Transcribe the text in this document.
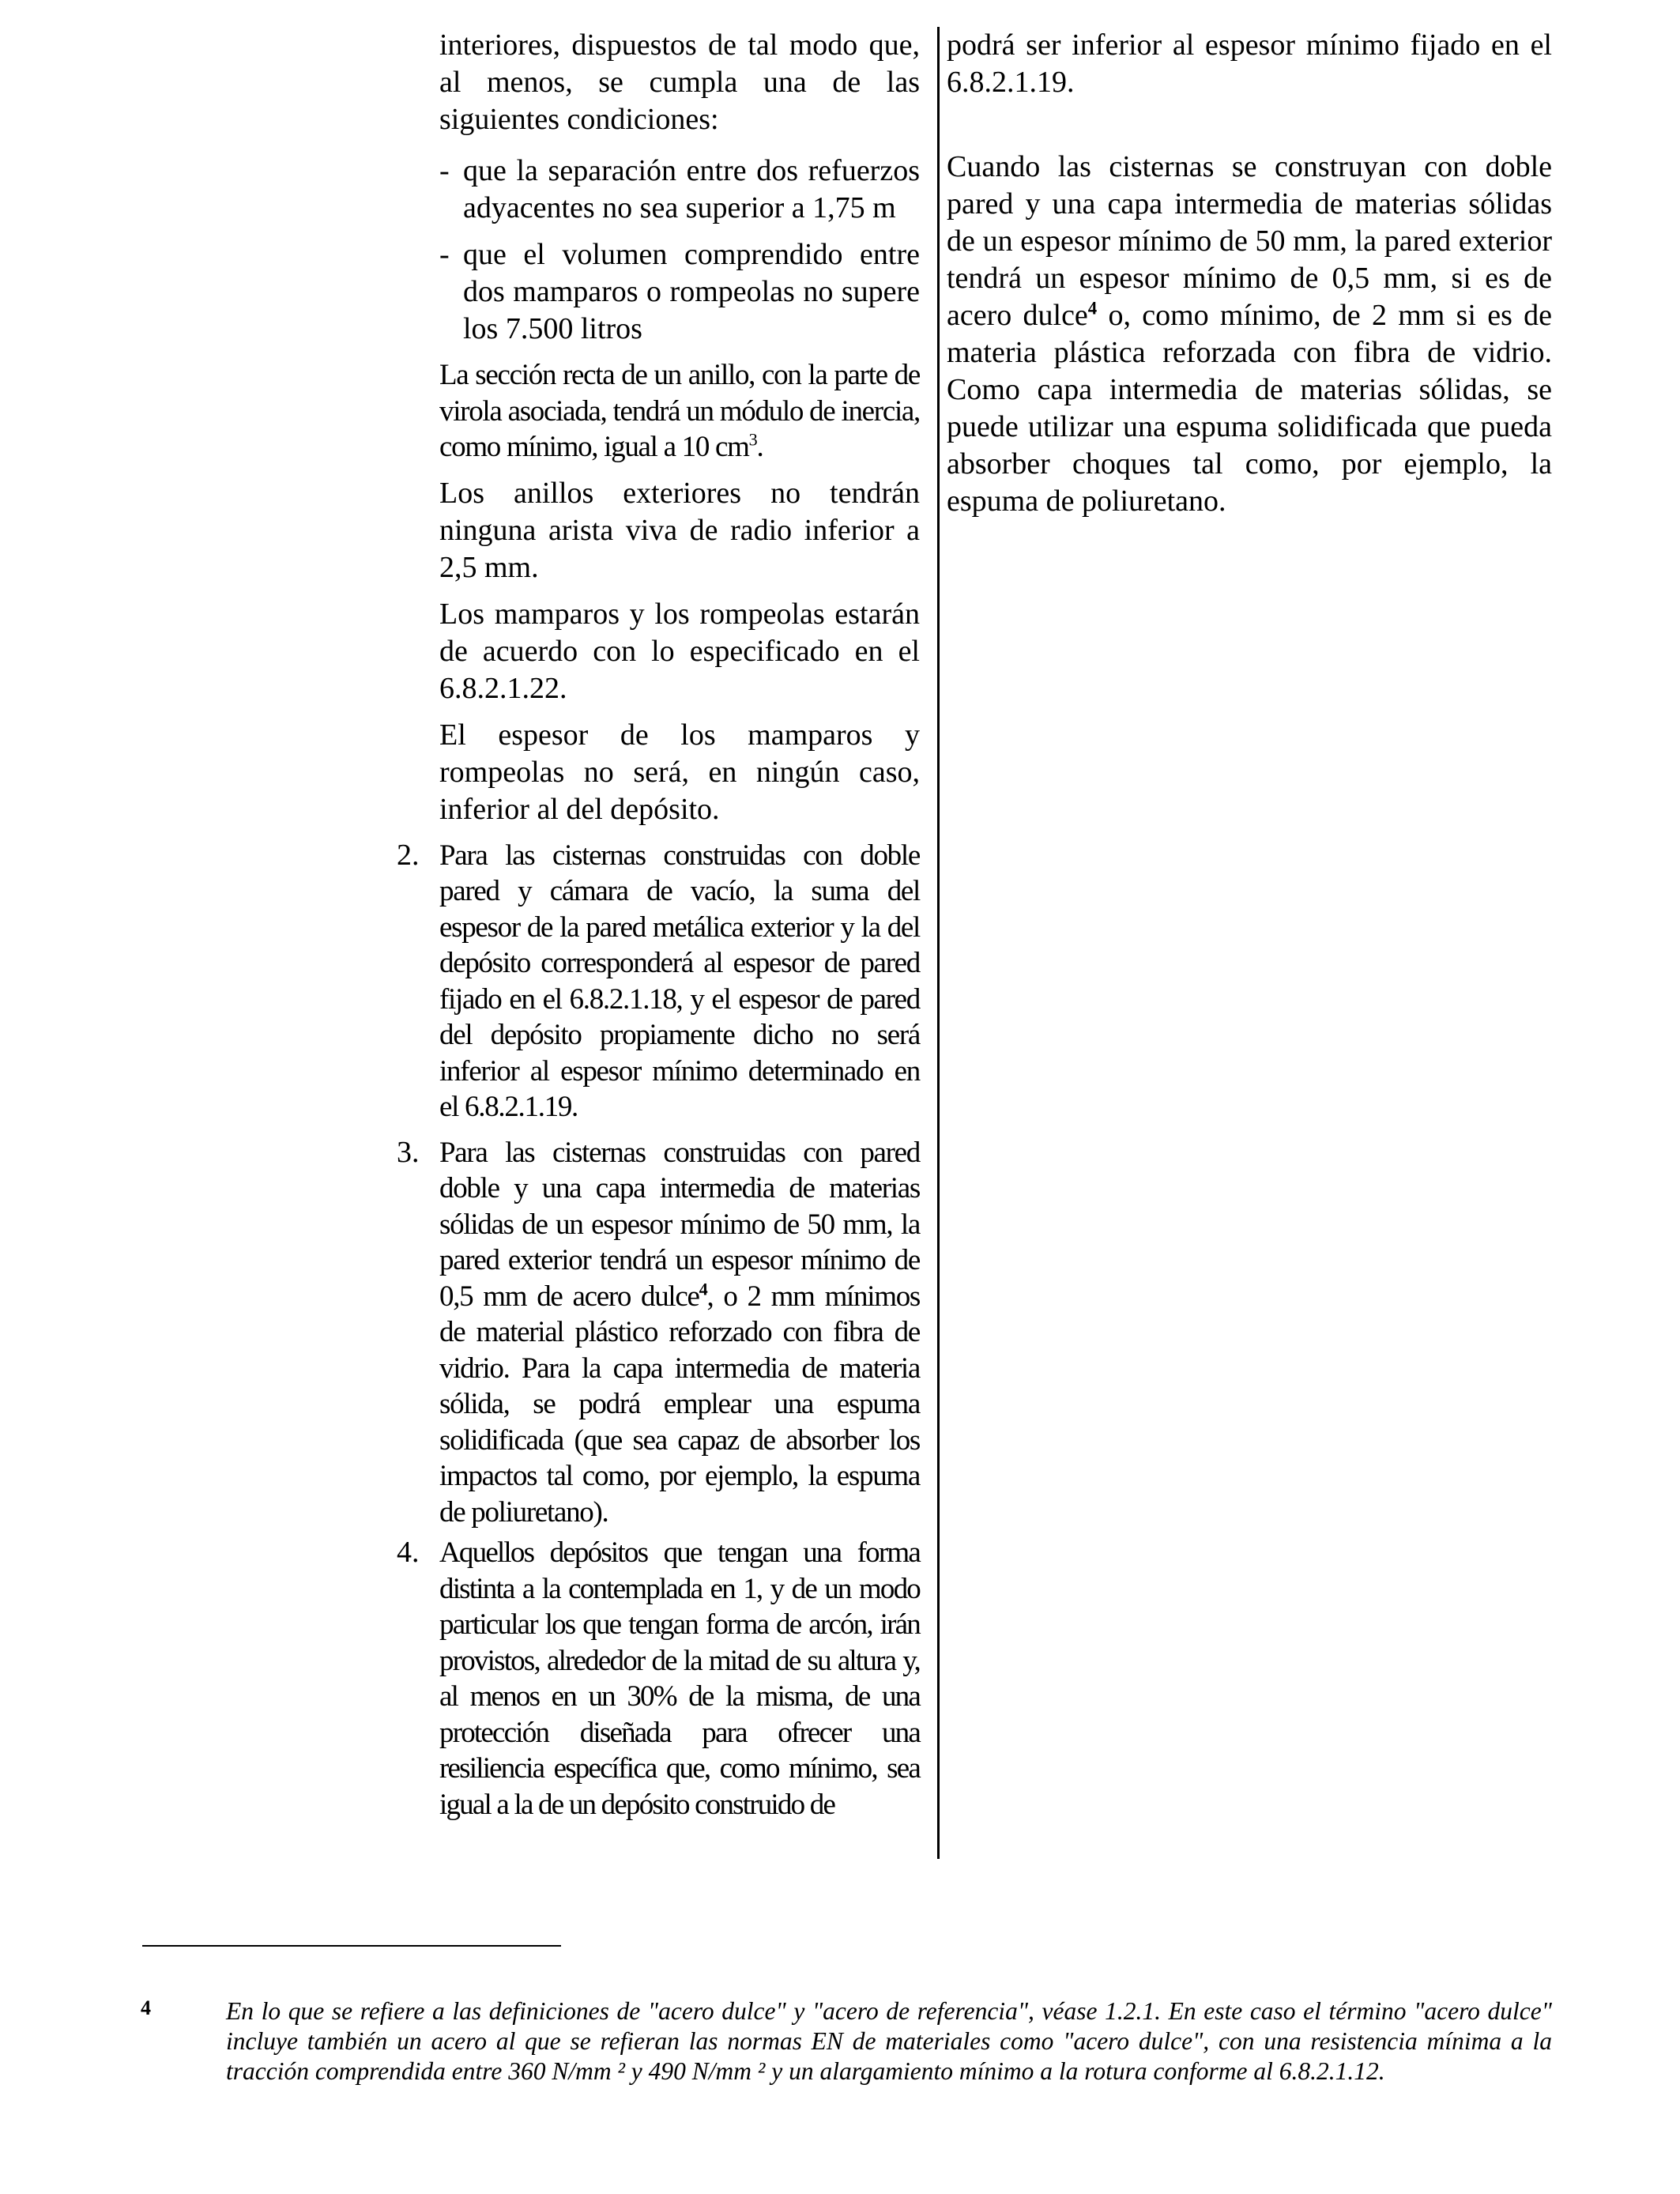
interiores, dispuestos de tal modo que, al menos, se cumpla una de las siguientes condiciones:

- que la separación entre dos refuerzos adyacentes no sea superior a 1,75 m

- que el volumen comprendido entre dos mamparos o rompeolas no supere los 7.500 litros

La sección recta de un anillo, con la parte de virola asociada, tendrá un módulo de inercia, como mínimo, igual a 10 $cm^3$.

Los anillos exteriores no tendrán ninguna arista viva de radio inferior a 2,5 mm.

Los mamparos y los rompeolas estarán de acuerdo con lo especificado en el 6.8.2.1.22.

El espesor de los mamparos y rompeolas no será, en ningún caso, inferior al del depósito.

2. Para las cisternas construidas con doble pared y cámara de vacío, la suma del espesor de la pared metálica exterior y la del depósito corresponderá al espesor de pared fijado en el 6.8.2.1.18, y el espesor de pared del depósito propiamente dicho no será inferior al espesor mínimo determinado en el 6.8.2.1.19.

3. Para las cisternas construidas con pared doble y una capa intermedia de materias sólidas de un espesor mínimo de 50 mm, la pared exterior tendrá un espesor mínimo de 0,5 mm de acero dulce$^4$, o 2 mm mínimos de material plástico reforzado con fibra de vidrio. Para la capa intermedia de materia sólida, se podrá emplear una espuma solidificada (que sea capaz de absorber los impactos tal como, por ejemplo, la espuma de poliuretano).

4. Aquellos depósitos que tengan una forma distinta a la contemplada en 1, y de un modo particular los que tengan forma de arcón, irán provistos, alrededor de la mitad de su altura y, al menos en un 30% de la misma, de una protección diseñada para ofrecer una resiliencia específica que, como mínimo, sea igual a la de un depósito construido de

podrá ser inferior al espesor mínimo fijado en el 6.8.2.1.19.

Cuando las cisternas se construyan con doble pared y una capa intermedia de materias sólidas de un espesor mínimo de 50 mm, la pared exterior tendrá un espesor mínimo de 0,5 mm, si es de acero dulce$^4$ o, como mínimo, de 2 mm si es de materia plástica reforzada con fibra de vidrio. Como capa intermedia de materias sólidas, se puede utilizar una espuma solidificada que pueda absorber choques tal como, por ejemplo, la espuma de poliuretano.

4	En lo que se refiere a las definiciones de "acero dulce" y "acero de referencia", véase 1.2.1. En este caso el término "acero dulce" incluye también un acero al que se refieran las normas EN de materiales como "acero dulce", con una resistencia mínima a la tracción comprendida entre 360 N/mm ² y 490 N/mm ² y un alargamiento mínimo a la rotura conforme al 6.8.2.1.12.
